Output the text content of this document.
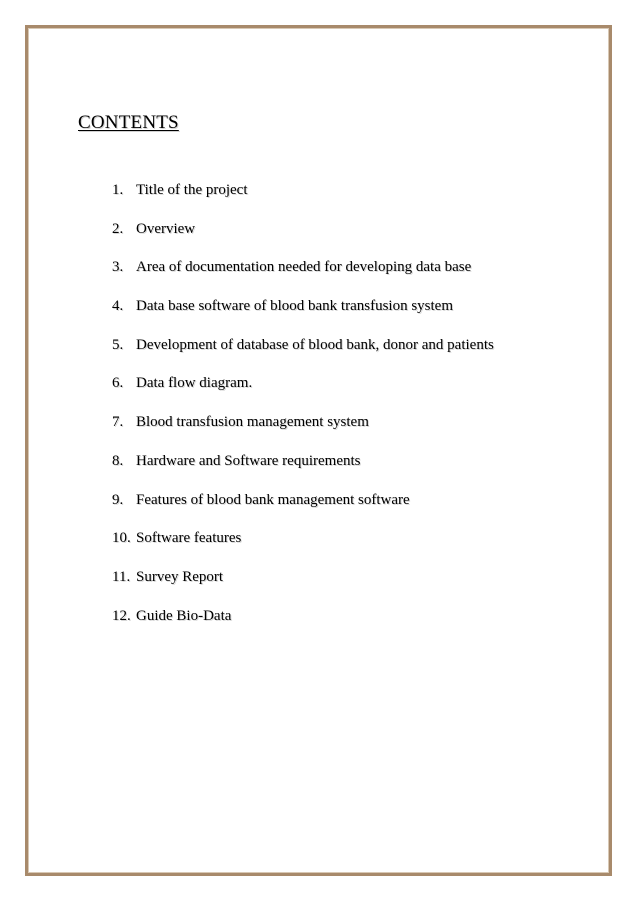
CONTENTS
1. Title of the project
2. Overview
3. Area of documentation needed for developing data base
4. Data base software of blood bank transfusion system
5. Development of database of blood bank, donor and patients
6. Data flow diagram.
7. Blood transfusion management system
8. Hardware and Software requirements
9. Features of blood bank management software
10. Software features
11. Survey Report
12. Guide Bio-Data
